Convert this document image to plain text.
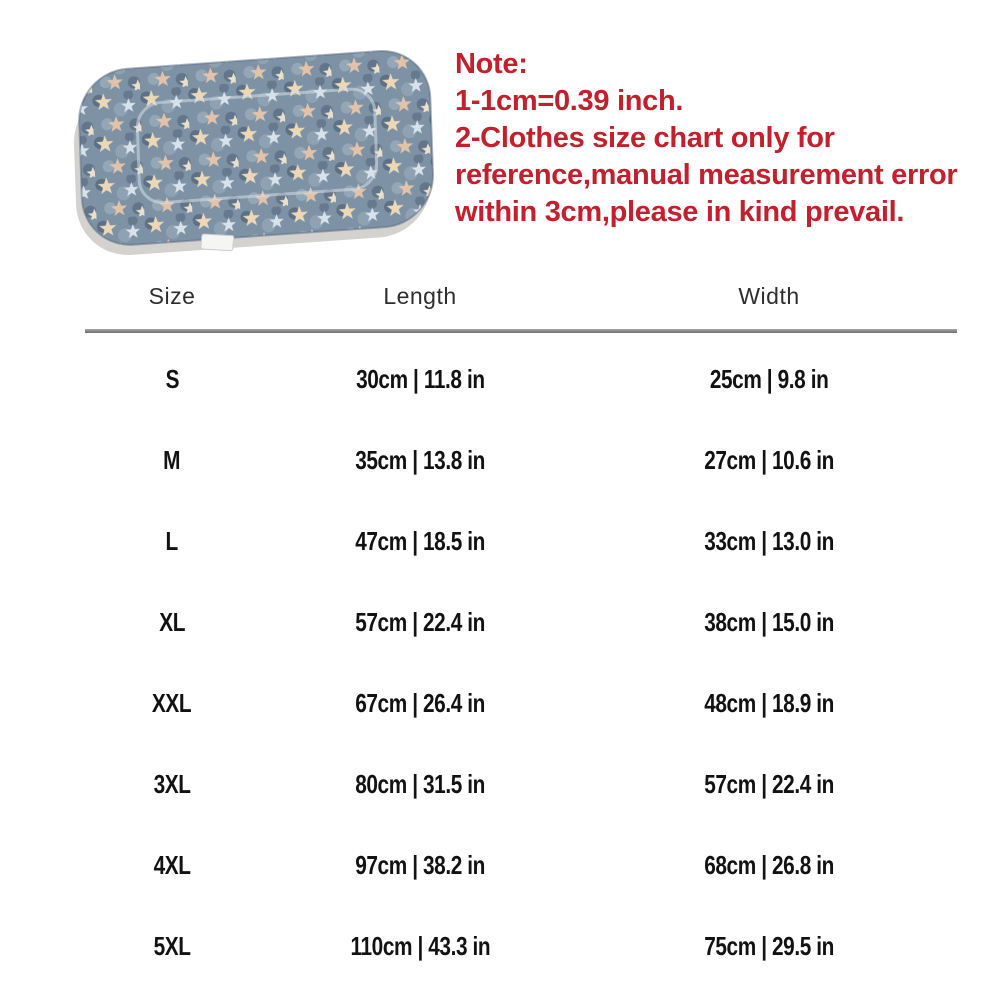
Note:
1-1cm=0.39 inch.
2-Clothes size chart only for
reference,manual measurement error
within 3cm,please in kind prevail.
Size	Length	Width
S	30cm | 11.8 in	25cm | 9.8 in
M	35cm | 13.8 in	27cm | 10.6 in
L	47cm | 18.5 in	33cm | 13.0 in
XL	57cm | 22.4 in	38cm | 15.0 in
XXL	67cm | 26.4 in	48cm | 18.9 in
3XL	80cm | 31.5 in	57cm | 22.4 in
4XL	97cm | 38.2 in	68cm | 26.8 in
5XL	110cm | 43.3 in	75cm | 29.5 in
